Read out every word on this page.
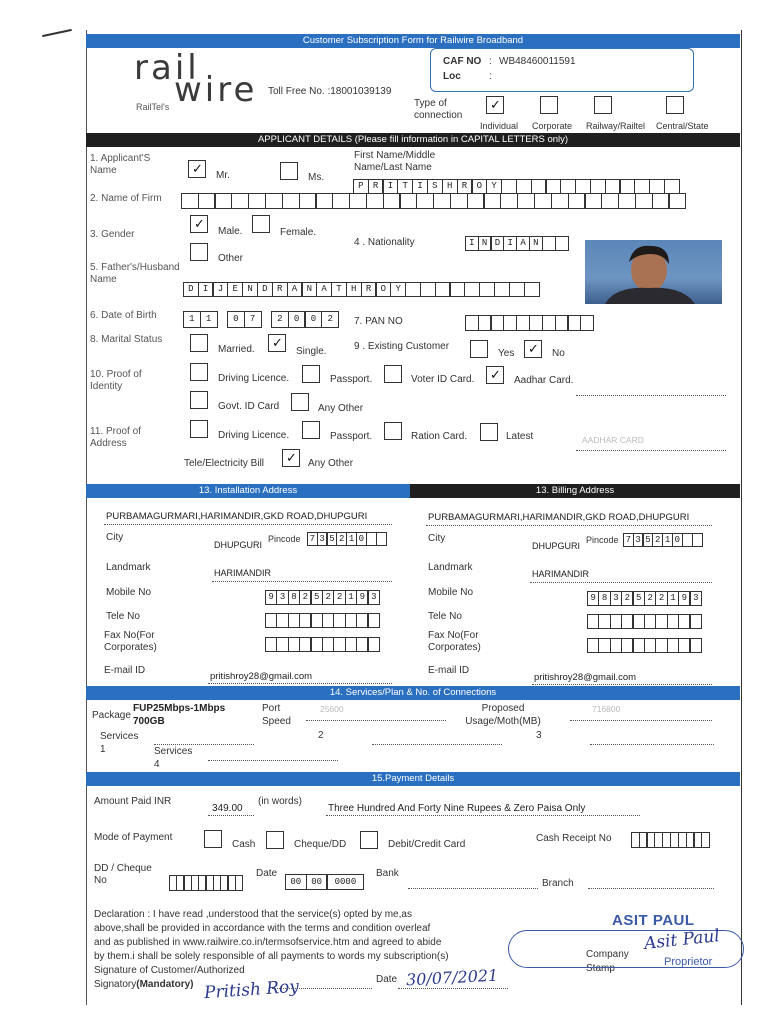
Customer Subscription Form for Railwire Broadband
rail
wire
RailTel's
Toll Free No. :18001039139
CAF NO : WB48460011591
Loc	:
Type of connection
✓
Individual Corporate Railway/Railtel Central/State
APPLICANT DETAILS (Please fill information in CAPITAL LETTERS only)
1. Applicant'S Name	✓ Mr.	Ms.
First Name/Middle Name/Last Name
P	R	I	T	I	S	H	R	O	Y
2. Name of Firm
3. Gender
✓
Male.	Female.
Other
4 . Nationality	I N D I A N
5. Father's/Husband Name
D	I	J	E	N	D	R	A	N	A	T	H	R	O	Y
6. Date of Birth	1	1	0	7	2	0	0	2	7. PAN NO
8. Marital Status
Married. ✓
Single.	9 . Existing Customer
Yes ✓ No
10. Proof of Identity
Driving Licence.	Passport.	Voter ID Card. ✓ Aadhar Card.
Govt. ID Card	Any Other
11. Proof of Address
Driving Licence.	Passport.	Ration Card.	Latest
Tele/Electricity Bill ✓ Any Other
AADHAR CARD
13. Installation Address	13. Billing Address
PURBAMAGURMARI,HARIMANDIR,GKD ROAD,DHUPGURI
City
DHUPGURI
Pincode	7 3 5 2 1 0
Landmark	HARIMANDIR
Mobile No	9 3 8 2 5 2 2 1 9 3
Tele No
Fax No(For Corporates)
E-mail ID
pritishroy28@gmail.com
PURBAMAGURMARI,HARIMANDIR,GKD ROAD,DHUPGURI
City
DHUPGURI
Pincode 7 3 5 2 1 0
Landmark
HARIMANDIR
Mobile No	9 8 3 2 5 2 2 1 9 3
Tele No
Fax No(For Corporates)
E-mail ID
pritishroy28@gmail.com
14. Services/Plan & No. of Connections
Package
FUP25Mbps-1Mbps 700GB
Port Speed
25600	Proposed Usage/Moth(MB)
716800
Services 1
2	3
Services 4
15.Payment Details
Amount Paid INR
349.00
(in words)
Three Hundred And Forty Nine Rupees & Zero Paisa Only
Mode of Payment
Cash	Cheque/DD	Debit/Credit Card
Cash Receipt No
DD / Cheque No
Date
00	00	0000
Bank
Branch
Declaration : I have read ,understood that the service(s) opted by me,as
above,shall be provided in accordance with the terms and condition overleaf
and as published in www.railwire.co.in/termsofservice.htm and agreed to abide
by them.i shall be solely responsible of all payments to words my subscription(s)
Signature of Customer/Authorized
Signatory(Mandatory) Pritish Roy	Date 30/07/2021
Company Stamp
ASIT PAUL
Asit Paul
Proprietor
